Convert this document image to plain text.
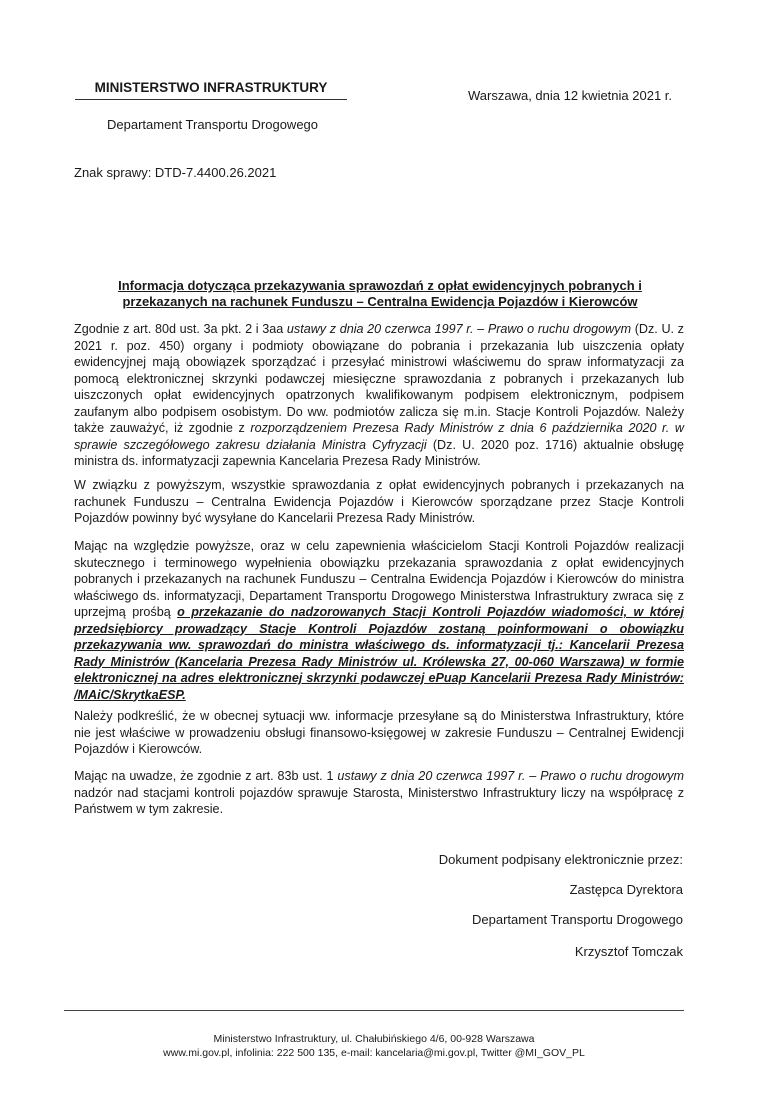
MINISTERSTWO INFRASTRUKTURY
Warszawa, dnia 12 kwietnia 2021 r.
Departament Transportu Drogowego
Znak sprawy: DTD-7.4400.26.2021
Informacja dotycząca przekazywania sprawozdań z opłat ewidencyjnych pobranych i przekazanych na rachunek Funduszu – Centralna Ewidencja Pojazdów i Kierowców
Zgodnie z art. 80d ust. 3a pkt. 2 i 3aa ustawy z dnia 20 czerwca 1997 r. – Prawo o ruchu drogowym (Dz. U. z 2021 r. poz. 450) organy i podmioty obowiązane do pobrania i przekazania lub uiszczenia opłaty ewidencyjnej mają obowiązek sporządzać i przesyłać ministrowi właściwemu do spraw informatyzacji za pomocą elektronicznej skrzynki podawczej miesięczne sprawozdania z pobranych i przekazanych lub uiszczonych opłat ewidencyjnych opatrzonych kwalifikowanym podpisem elektronicznym, podpisem zaufanym albo podpisem osobistym. Do ww. podmiotów zalicza się m.in. Stacje Kontroli Pojazdów. Należy także zauważyć, iż zgodnie z rozporządzeniem Prezesa Rady Ministrów z dnia 6 października 2020 r. w sprawie szczegółowego zakresu działania Ministra Cyfryzacji (Dz. U. 2020 poz. 1716) aktualnie obsługę ministra ds. informatyzacji zapewnia Kancelaria Prezesa Rady Ministrów.
W związku z powyższym, wszystkie sprawozdania z opłat ewidencyjnych pobranych i przekazanych na rachunek Funduszu – Centralna Ewidencja Pojazdów i Kierowców sporządzane przez Stacje Kontroli Pojazdów powinny być wysyłane do Kancelarii Prezesa Rady Ministrów.
Mając na względzie powyższe, oraz w celu zapewnienia właścicielom Stacji Kontroli Pojazdów realizacji skutecznego i terminowego wypełnienia obowiązku przekazania sprawozdania z opłat ewidencyjnych pobranych i przekazanych na rachunek Funduszu – Centralna Ewidencja Pojazdów i Kierowców do ministra właściwego ds. informatyzacji, Departament Transportu Drogowego Ministerstwa Infrastruktury zwraca się z uprzejmą prośbą o przekazanie do nadzorowanych Stacji Kontroli Pojazdów wiadomości, w której przedsiębiorcy prowadzący Stacje Kontroli Pojazdów zostaną poinformowani o obowiązku przekazywania ww. sprawozdań do ministra właściwego ds. informatyzacji tj.: Kancelarii Prezesa Rady Ministrów (Kancelaria Prezesa Rady Ministrów ul. Królewska 27, 00-060 Warszawa) w formie elektronicznej na adres elektronicznej skrzynki podawczej ePuap Kancelarii Prezesa Rady Ministrów: /MAiC/SkrytkaESP.
Należy podkreślić, że w obecnej sytuacji ww. informacje przesyłane są do Ministerstwa Infrastruktury, które nie jest właściwe w prowadzeniu obsługi finansowo-księgowej w zakresie Funduszu – Centralnej Ewidencji Pojazdów i Kierowców.
Mając na uwadze, że zgodnie z art. 83b ust. 1 ustawy z dnia 20 czerwca 1997 r. – Prawo o ruchu drogowym nadzór nad stacjami kontroli pojazdów sprawuje Starosta, Ministerstwo Infrastruktury liczy na współpracę z Państwem w tym zakresie.
Dokument podpisany elektronicznie przez:
Zastępca Dyrektora
Departament Transportu Drogowego
Krzysztof Tomczak
Ministerstwo Infrastruktury, ul. Chałubińskiego 4/6, 00-928 Warszawa
www.mi.gov.pl, infolinia: 222 500 135, e-mail: kancelaria@mi.gov.pl, Twitter @MI_GOV_PL
